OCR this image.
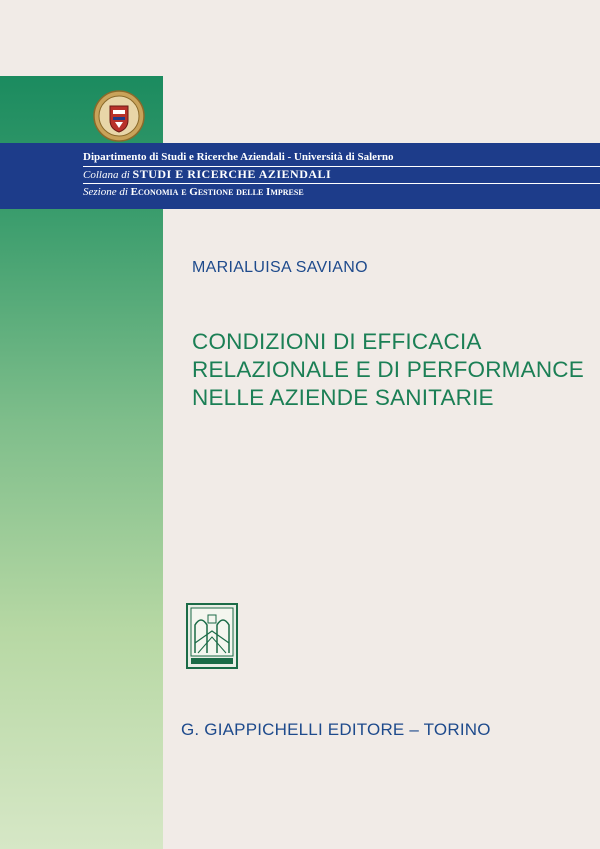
Dipartimento di Studi e Ricerche Aziendali - Università di Salerno
Collana di STUDI E RICERCHE AZIENDALI
Sezione di Economia e Gestione delle Imprese
MARIALUISA SAVIANO
CONDIZIONI DI EFFICACIA
RELAZIONALE E DI PERFORMANCE
NELLE AZIENDE SANITARIE
G. GIAPPICHELLI EDITORE – TORINO
